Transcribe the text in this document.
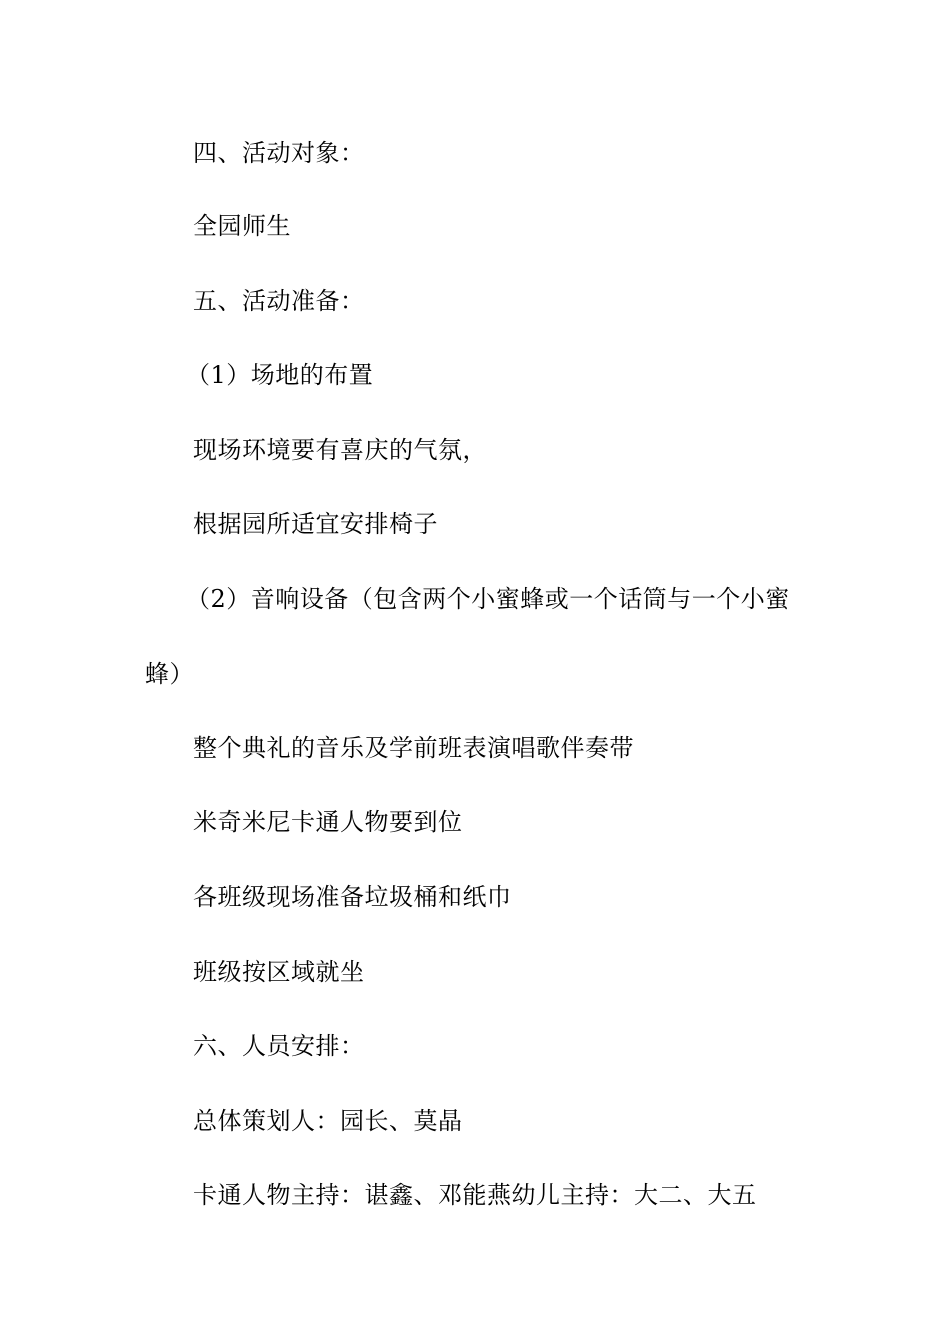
四、活动对象：
全园师生
五、活动准备：
（1）场地的布置
现场环境要有喜庆的气氛，
根据园所适宜安排椅子
（2）音响设备（包含两个小蜜蜂或一个话筒与一个小蜜
蜂）
整个典礼的音乐及学前班表演唱歌伴奏带
米奇米尼卡通人物要到位
各班级现场准备垃圾桶和纸巾
班级按区域就坐
六、人员安排：
总体策划人：园长、莫晶
卡通人物主持：谌鑫、邓能燕幼儿主持：大二、大五
